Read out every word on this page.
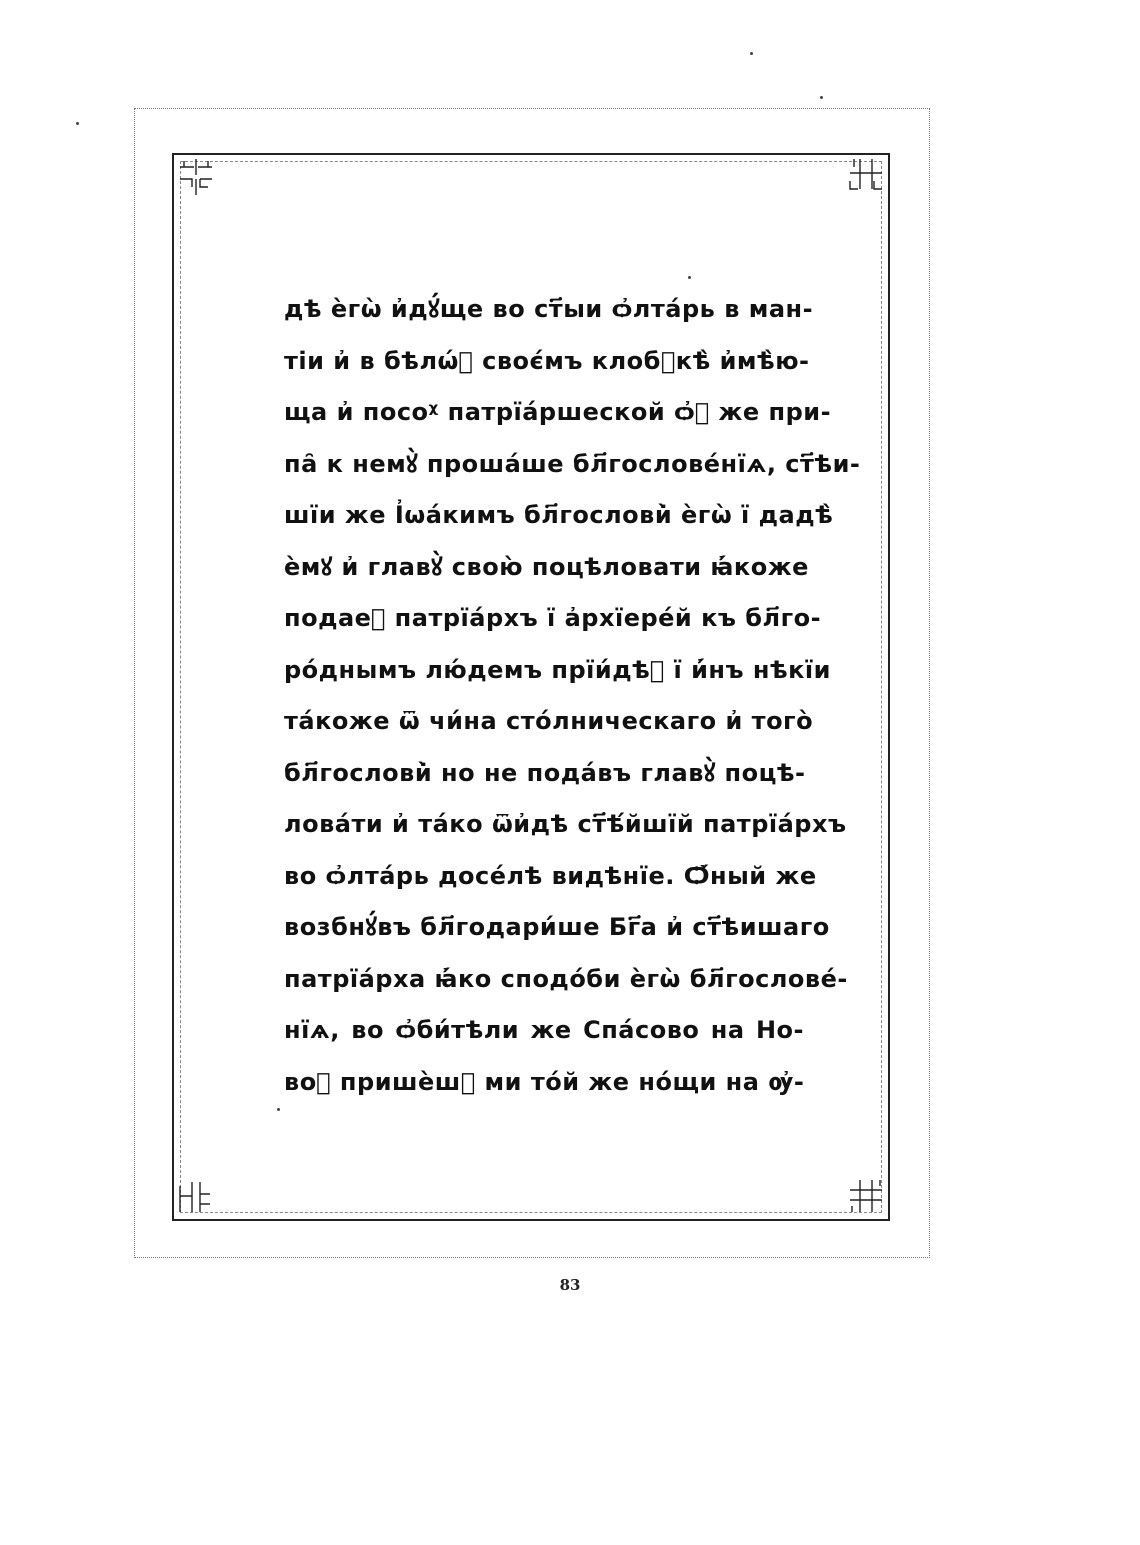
дѣ ѐгѡ̀ и҆дꙋ́ще во ст҃ыи ѻ҆лта́рь в ман-
тіи и҆ в бѣлѡ́ᷨ своє́мъ клобꙋкѣ̀ и҆мѣ̀ю-
ща и҆ посоᵡ патрїа́ршеской ѻ҆ᷮ же при-
па̑ к немꙋ̀ проша́ше бл҃гослове́нїѧ, ст҃ѣи-
шїи же І҆ѡа́кимъ бл҃гослови̇̀ ѐгѡ̀ ї дадѣ̀
ѐмꙋ и҆ главꙋ̀ свою̀ поцѣловати ꙗ҆́коже
подаеᷮ патрїа́рхъ ї а҆рхїере́й къ бл҃го-
ро́днымъ лю́демъ прїи́дѣᷨ ї и҆́нъ нѣкїи
та́коже ѿ чи́на сто́лническаго и҆ того̀
бл҃гослови̇̀ но не пода́въ главꙋ̀ поцѣ-
лова́ти и҆ та́ко ѿи҆дѣ ст҃ѣ́йшїй патрїа́рхъ
во ѻ҆лта́рь досе́лѣ видѣнїе. Ѻ҆́ный же
возбнꙋ́въ бл҃годари́ше Бг҃а и҆ ст҃ѣишаго
патрїа́рха ꙗ҆́ко сподо́би ѐгѡ̀ бл҃гослове́-
нїѧ, во ѻ҆би́тѣли же Спа́сово на Но-
воᷨ пришѐшꙋ ми то́й же но́щи на ѹ҆-
83
